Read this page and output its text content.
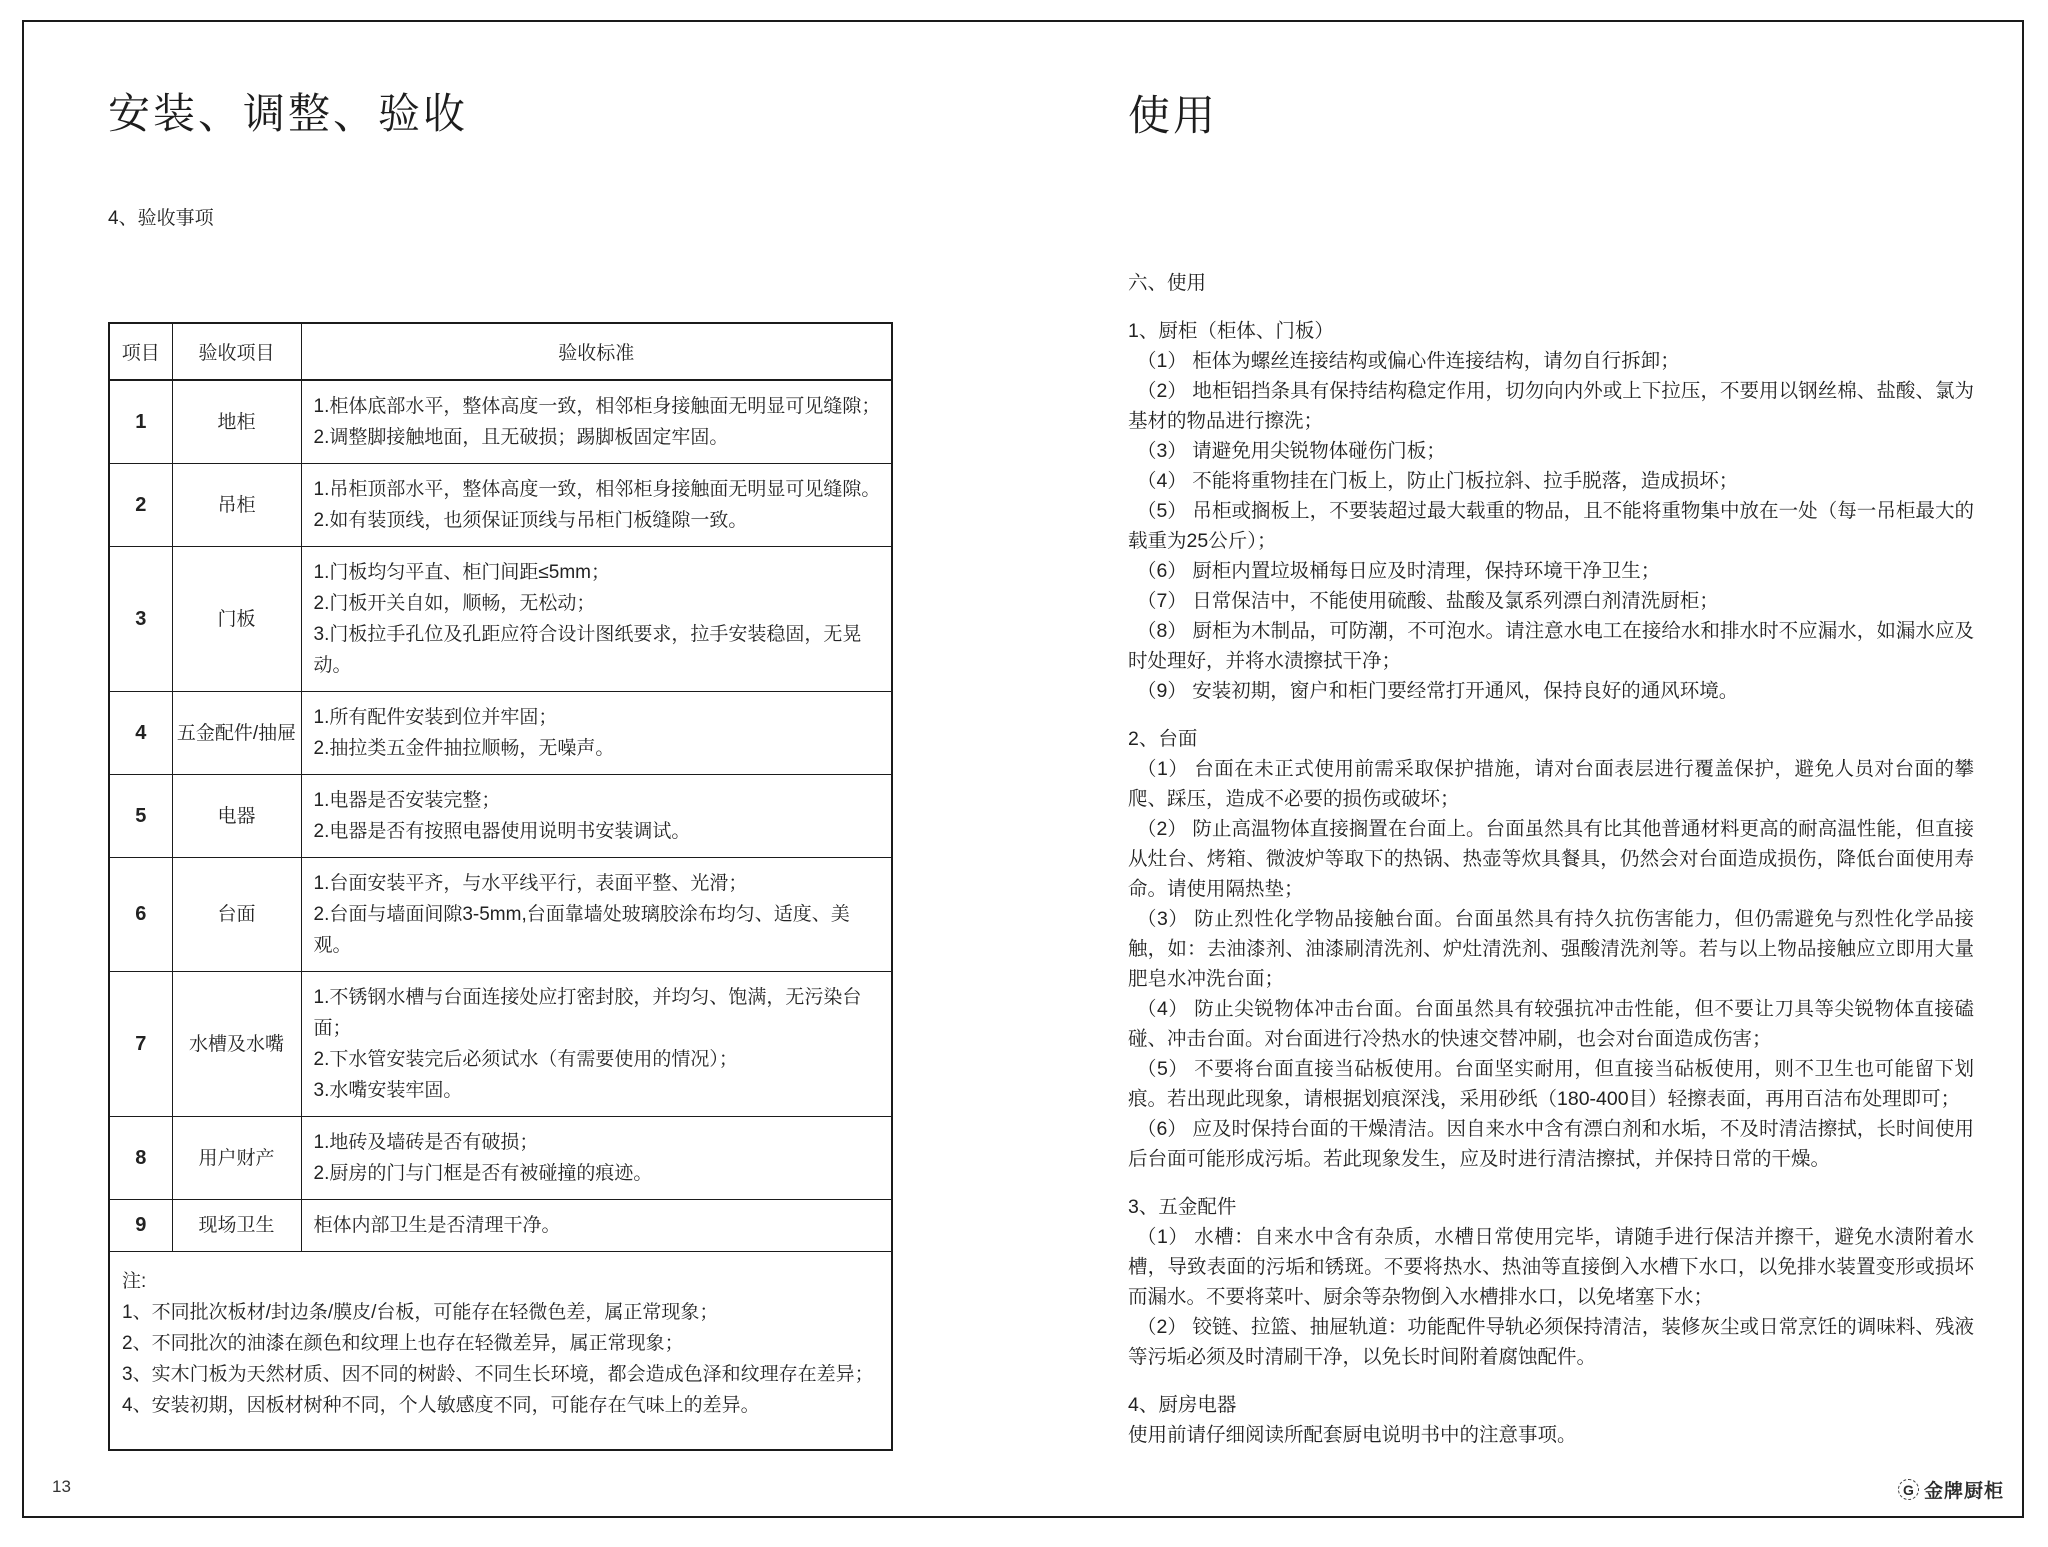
安装、调整、验收
4、验收事项
项目	验收项目	验收标准
1	地柜	1.柜体底部水平，整体高度一致，相邻柜身接触面无明显可见缝隙；
2.调整脚接触地面，且无破损；踢脚板固定牢固。

2	吊柜	1.吊柜顶部水平，整体高度一致，相邻柜身接触面无明显可见缝隙。
2.如有装顶线，也须保证顶线与吊柜门板缝隙一致。

3	门板	1.门板均匀平直、柜门间距≤5mm；
2.门板开关自如，顺畅，无松动；
3.门板拉手孔位及孔距应符合设计图纸要求，拉手安装稳固，无晃动。

4	五金配件/抽屉	1.所有配件安装到位并牢固；
2.抽拉类五金件抽拉顺畅，无噪声。

5	电器	1.电器是否安装完整；
2.电器是否有按照电器使用说明书安装调试。

6	台面	1.台面安装平齐，与水平线平行，表面平整、光滑；
2.台面与墙面间隙3-5mm,台面靠墙处玻璃胶涂布均匀、适度、美观。

7	水槽及水嘴	1.不锈钢水槽与台面连接处应打密封胶，并均匀、饱满，无污染台面；
2.下水管安装完后必须试水（有需要使用的情况）；
3.水嘴安装牢固。

8	用户财产	1.地砖及墙砖是否有破损；
2.厨房的门与门框是否有被碰撞的痕迹。

9	现场卫生	柜体内部卫生是否清理干净。

注:
1、不同批次板材/封边条/膜皮/台板，可能存在轻微色差，属正常现象；
2、不同批次的油漆在颜色和纹理上也存在轻微差异，属正常现象；
3、实木门板为天然材质、因不同的树龄、不同生长环境，都会造成色泽和纹理存在差异；
4、安装初期，因板材树种不同，个人敏感度不同，可能存在气味上的差异。		
使用
六、使用
1、厨柜（柜体、门板）
（1） 柜体为螺丝连接结构或偏心件连接结构，请勿自行拆卸；
（2） 地柜铝挡条具有保持结构稳定作用，切勿向内外或上下拉压，不要用以钢丝棉、盐酸、氯为基材的物品进行擦洗；
（3） 请避免用尖锐物体碰伤门板；
（4） 不能将重物挂在门板上，防止门板拉斜、拉手脱落，造成损坏；
（5） 吊柜或搁板上，不要装超过最大载重的物品，且不能将重物集中放在一处（每一吊柜最大的载重为25公斤）；
（6） 厨柜内置垃圾桶每日应及时清理，保持环境干净卫生；
（7） 日常保洁中，不能使用硫酸、盐酸及氯系列漂白剂清洗厨柜；
（8） 厨柜为木制品，可防潮，不可泡水。请注意水电工在接给水和排水时不应漏水，如漏水应及时处理好，并将水渍擦拭干净；
（9） 安装初期，窗户和柜门要经常打开通风，保持良好的通风环境。
2、台面
（1） 台面在未正式使用前需采取保护措施，请对台面表层进行覆盖保护，避免人员对台面的攀爬、踩压，造成不必要的损伤或破坏；
（2） 防止高温物体直接搁置在台面上。台面虽然具有比其他普通材料更高的耐高温性能，但直接从灶台、烤箱、微波炉等取下的热锅、热壶等炊具餐具，仍然会对台面造成损伤，降低台面使用寿命。请使用隔热垫；
（3） 防止烈性化学物品接触台面。台面虽然具有持久抗伤害能力，但仍需避免与烈性化学品接触，如：去油漆剂、油漆刷清洗剂、炉灶清洗剂、强酸清洗剂等。若与以上物品接触应立即用大量肥皂水冲洗台面；
（4） 防止尖锐物体冲击台面。台面虽然具有较强抗冲击性能，但不要让刀具等尖锐物体直接磕碰、冲击台面。对台面进行冷热水的快速交替冲刷，也会对台面造成伤害；
（5） 不要将台面直接当砧板使用。台面坚实耐用，但直接当砧板使用，则不卫生也可能留下划痕。若出现此现象，请根据划痕深浅，采用砂纸（180-400目）轻擦表面，再用百洁布处理即可；
（6） 应及时保持台面的干燥清洁。因自来水中含有漂白剂和水垢，不及时清洁擦拭，长时间使用后台面可能形成污垢。若此现象发生，应及时进行清洁擦拭，并保持日常的干燥。
3、五金配件
（1） 水槽：自来水中含有杂质，水槽日常使用完毕，请随手进行保洁并擦干，避免水渍附着水槽，导致表面的污垢和锈斑。不要将热水、热油等直接倒入水槽下水口，以免排水装置变形或损坏而漏水。不要将菜叶、厨余等杂物倒入水槽排水口，以免堵塞下水；
（2） 铰链、拉篮、抽屉轨道：功能配件导轨必须保持清洁，装修灰尘或日常烹饪的调味料、残液等污垢必须及时清刷干净，以免长时间附着腐蚀配件。
4、厨房电器
使用前请仔细阅读所配套厨电说明书中的注意事项。
13	G 金牌厨柜
